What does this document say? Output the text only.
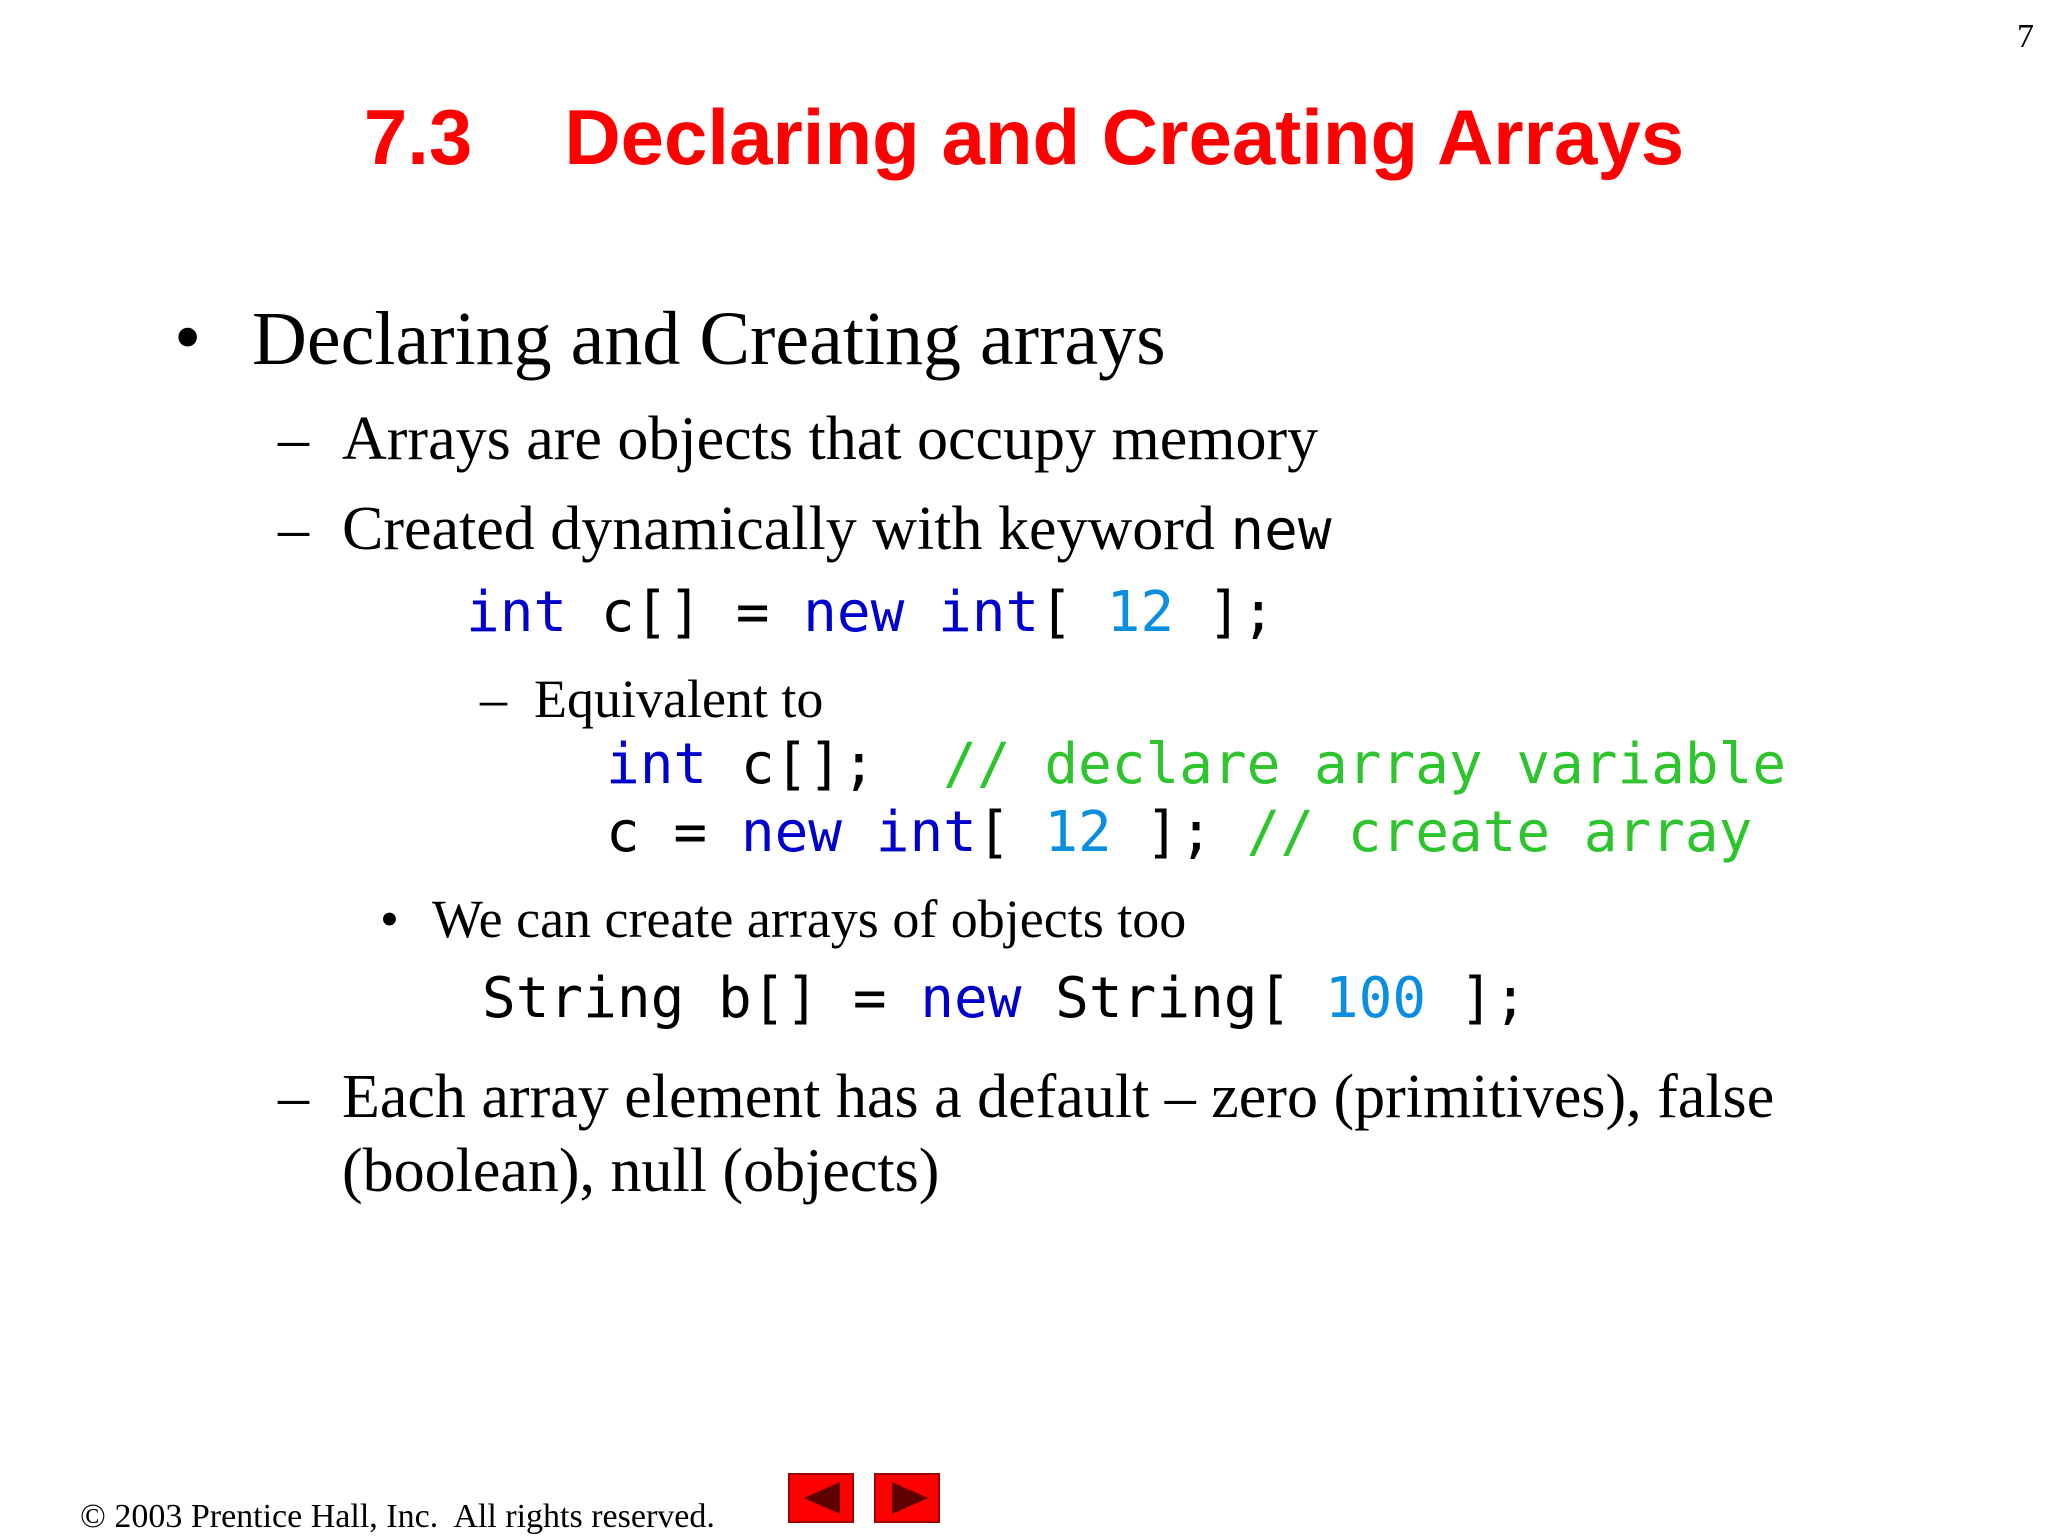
7
7.3 Declaring and Creating Arrays
• Declaring and Creating arrays
– Arrays are objects that occupy memory
– Created dynamically with keyword new
int c[] = new int[ 12 ];
– Equivalent to
int c[];  // declare array variable
c = new int[ 12 ]; // create array
• We can create arrays of objects too
String b[] = new String[ 100 ];
– Each array element has a default – zero (primitives), false
(boolean), null (objects)
© 2003 Prentice Hall, Inc.  All rights reserved.
